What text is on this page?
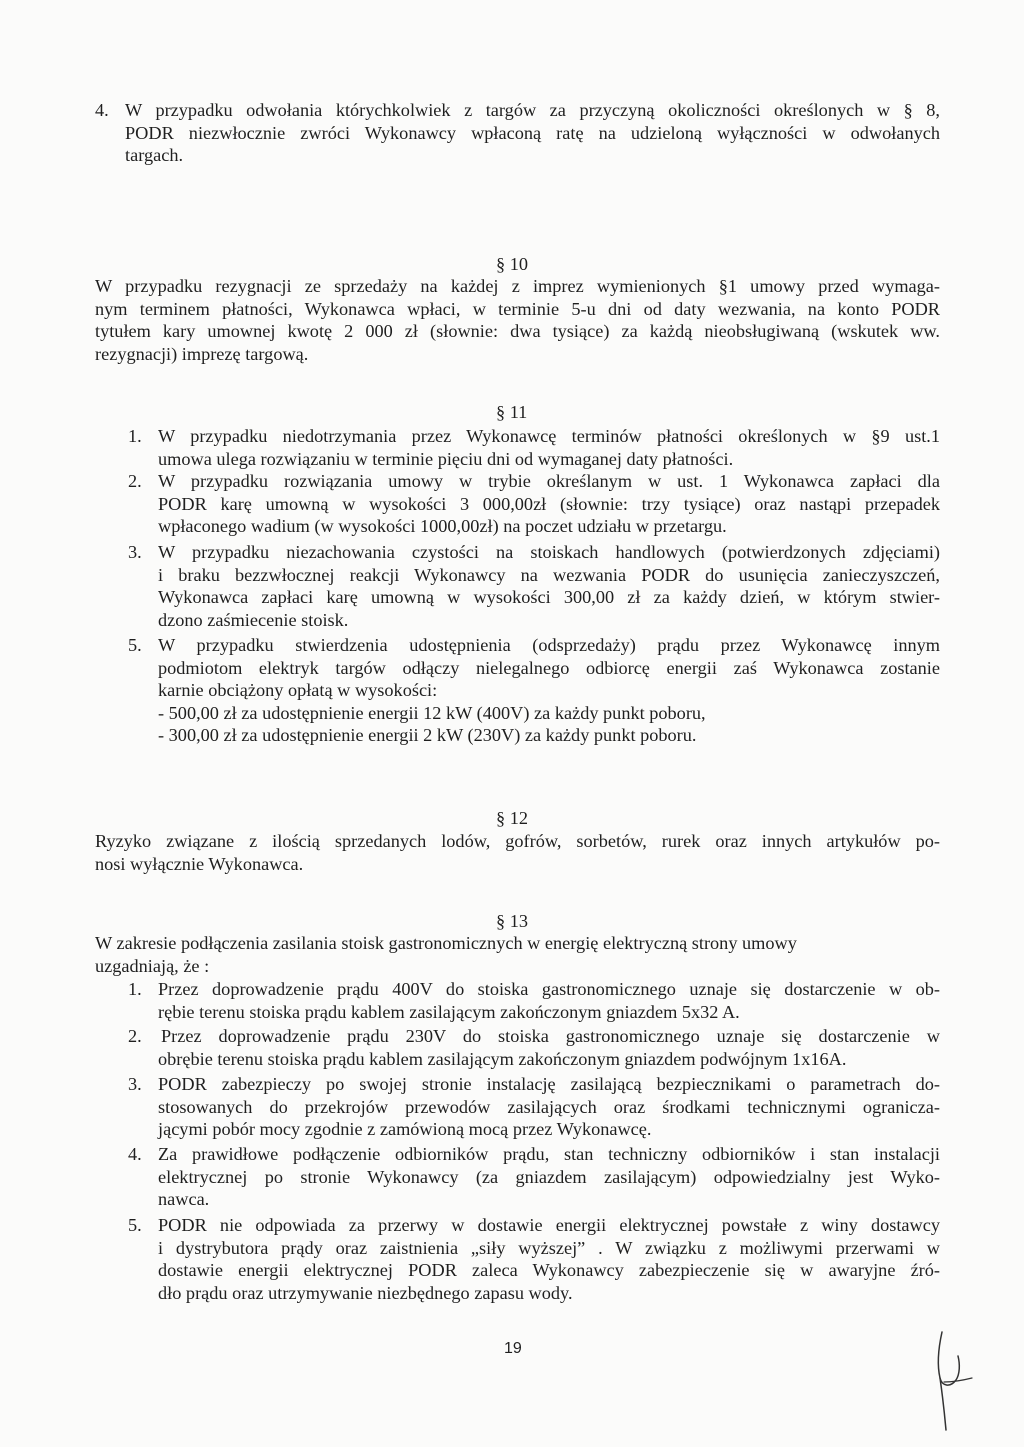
4. W przypadku odwołania którychkolwiek z targów za przyczyną okoliczności określonych w § 8,
PODR niezwłocznie zwróci Wykonawcy wpłaconą ratę na udzieloną wyłączności w odwołanych
targach.
§ 10
W przypadku rezygnacji ze sprzedaży na każdej z imprez wymienionych §1 umowy przed wymaga-
nym terminem płatności, Wykonawca wpłaci, w terminie 5-u dni od daty wezwania, na konto PODR
tytułem kary umownej kwotę 2 000 zł (słownie: dwa tysiące) za każdą nieobsługiwaną (wskutek ww.
rezygnacji) imprezę targową.
§ 11
1. W przypadku niedotrzymania przez Wykonawcę terminów płatności określonych w §9 ust.1
umowa ulega rozwiązaniu w terminie pięciu dni od wymaganej daty płatności.
2. W przypadku rozwiązania umowy w trybie określanym w ust. 1 Wykonawca zapłaci dla
PODR karę umowną w wysokości 3 000,00zł (słownie: trzy tysiące) oraz nastąpi przepadek
wpłaconego wadium (w wysokości 1000,00zł) na poczet udziału w przetargu.
3. W przypadku niezachowania czystości na stoiskach handlowych (potwierdzonych zdjęciami)
i braku bezzwłocznej reakcji Wykonawcy na wezwania PODR do usunięcia zanieczyszczeń,
Wykonawca zapłaci karę umowną w wysokości 300,00 zł za każdy dzień, w którym stwier-
dzono zaśmiecenie stoisk.
5. W przypadku stwierdzenia udostępnienia (odsprzedaży) prądu przez Wykonawcę innym
podmiotom elektryk targów odłączy nielegalnego odbiorcę energii zaś Wykonawca zostanie
karnie obciążony opłatą w wysokości:
- 500,00 zł za udostępnienie energii 12 kW (400V) za każdy punkt poboru,
- 300,00 zł za udostępnienie energii 2 kW (230V) za każdy punkt poboru.
§ 12
Ryzyko związane z ilością sprzedanych lodów, gofrów, sorbetów, rurek oraz innych artykułów po-
nosi wyłącznie Wykonawca.
§ 13
W zakresie podłączenia zasilania stoisk gastronomicznych w energię elektryczną strony umowy
uzgadniają, że :
1. Przez doprowadzenie prądu 400V do stoiska gastronomicznego uznaje się dostarczenie w ob-
rębie terenu stoiska prądu kablem zasilającym zakończonym gniazdem 5x32 A.
2. Przez doprowadzenie prądu 230V do stoiska gastronomicznego uznaje się dostarczenie w
obrębie terenu stoiska prądu kablem zasilającym zakończonym gniazdem podwójnym 1x16A.
3. PODR zabezpieczy po swojej stronie instalację zasilającą bezpiecznikami o parametrach do-
stosowanych do przekrojów przewodów zasilających oraz środkami technicznymi ogranicza-
jącymi pobór mocy zgodnie z zamówioną mocą przez Wykonawcę.
4. Za prawidłowe podłączenie odbiorników prądu, stan techniczny odbiorników i stan instalacji
elektrycznej po stronie Wykonawcy (za gniazdem zasilającym) odpowiedzialny jest Wyko-
nawca.
5. PODR nie odpowiada za przerwy w dostawie energii elektrycznej powstałe z winy dostawcy
i dystrybutora prądy oraz zaistnienia „siły wyższej” . W związku z możliwymi przerwami w
dostawie energii elektrycznej PODR zaleca Wykonawcy zabezpieczenie się w awaryjne źró-
dło prądu oraz utrzymywanie niezbędnego zapasu wody.
19
